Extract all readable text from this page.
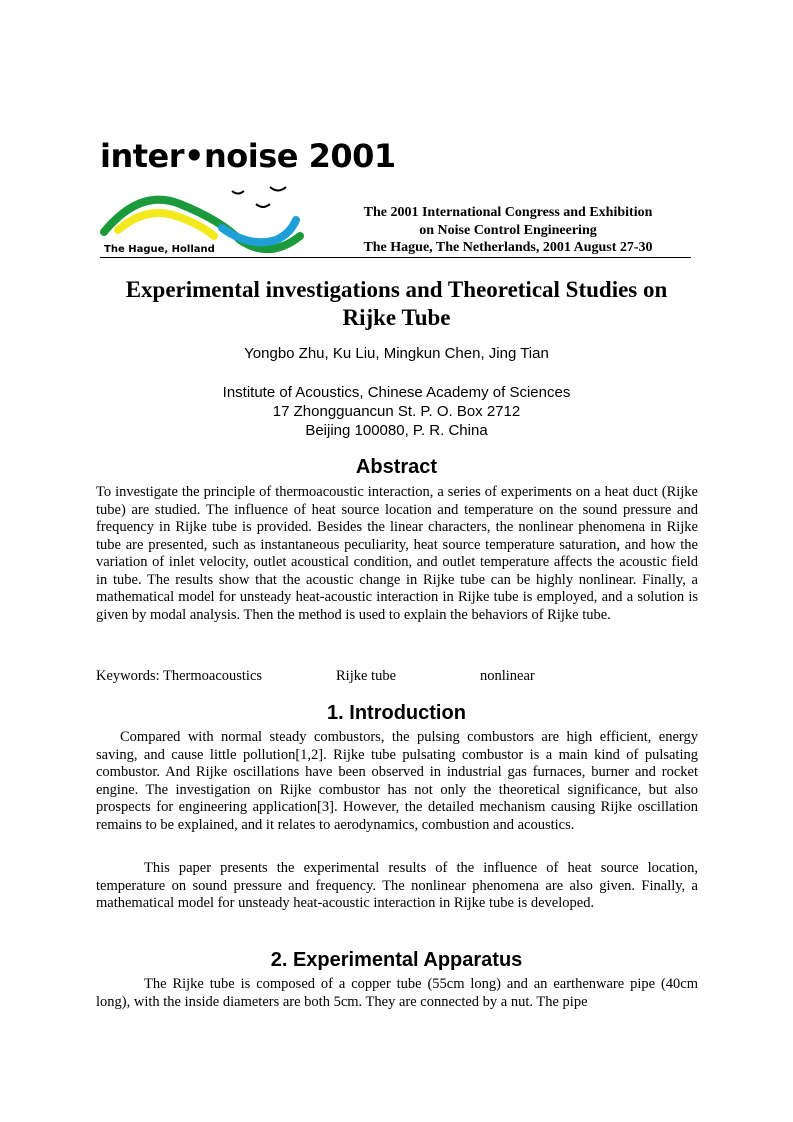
inter•noise 2001
The Hague, Holland
The 2001 International Congress and Exhibition
on Noise Control Engineering
The Hague, The Netherlands, 2001 August 27-30
Experimental investigations and Theoretical Studies on Rijke Tube
Yongbo Zhu, Ku Liu, Mingkun Chen, Jing Tian
Institute of Acoustics, Chinese Academy of Sciences
17 Zhongguancun St. P. O. Box 2712
Beijing 100080, P. R. China
Abstract

To investigate the principle of thermoacoustic interaction, a series of experiments on a heat duct (Rijke tube) are studied. The influence of heat source location and temperature on the sound pressure and frequency in Rijke tube is provided. Besides the linear characters, the nonlinear phenomena in Rijke tube are presented, such as instantaneous peculiarity, heat source temperature saturation, and how the variation of inlet velocity, outlet acoustical condition, and outlet temperature affects the acoustic field in tube. The results show that the acoustic change in Rijke tube can be highly nonlinear. Finally, a mathematical model for unsteady heat-acoustic interaction in Rijke tube is employed, and a solution is given by modal analysis. Then the method is used to explain the behaviors of Rijke tube.

Keywords: Thermoacoustics	Rijke tube	nonlinear
1. Introduction

Compared with normal steady combustors, the pulsing combustors are high efficient, energy saving, and cause little pollution[1,2]. Rijke tube pulsating combustor is a main kind of pulsating combustor. And Rijke oscillations have been observed in industrial gas furnaces, burner and rocket engine. The investigation on Rijke combustor has not only the theoretical significance, but also prospects for engineering application[3]. However, the detailed mechanism causing Rijke oscillation remains to be explained, and it relates to aerodynamics, combustion and acoustics.

This paper presents the experimental results of the influence of heat source location, temperature on sound pressure and frequency. The nonlinear phenomena are also given. Finally, a mathematical model for unsteady heat-acoustic interaction in Rijke tube is developed.

2. Experimental Apparatus

The Rijke tube is composed of a copper tube (55cm long) and an earthenware pipe (40cm long), with the inside diameters are both 5cm. They are connected by a nut. The pipe
